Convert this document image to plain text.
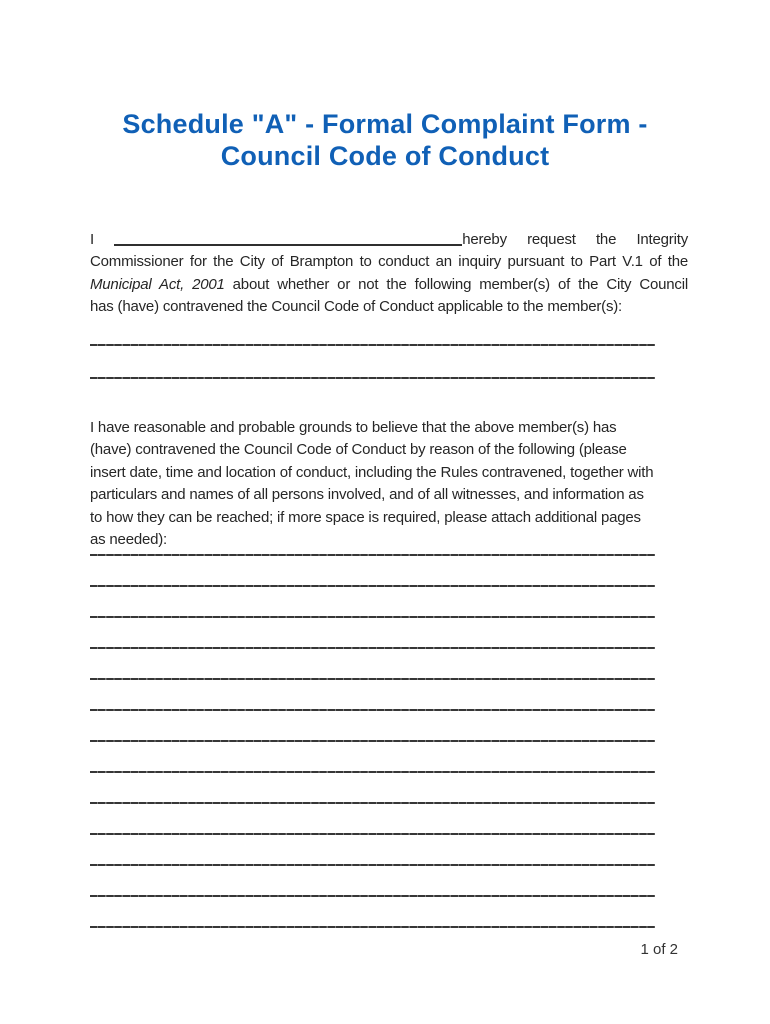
Schedule "A" - Formal Complaint Form -
Council Code of Conduct
I	hereby request the Integrity
Commissioner for the City of Brampton to conduct an inquiry pursuant to Part V.1 of the
Municipal Act, 2001 about whether or not the following member(s) of the City Council
has (have) contravened the Council Code of Conduct applicable to the member(s):
I have reasonable and probable grounds to believe that the above member(s) has
(have) contravened the Council Code of Conduct by reason of the following (please
insert date, time and location of conduct, including the Rules contravened, together with
particulars and names of all persons involved, and of all witnesses, and information as
to how they can be reached; if more space is required, please attach additional pages
as needed):
1 of 2
